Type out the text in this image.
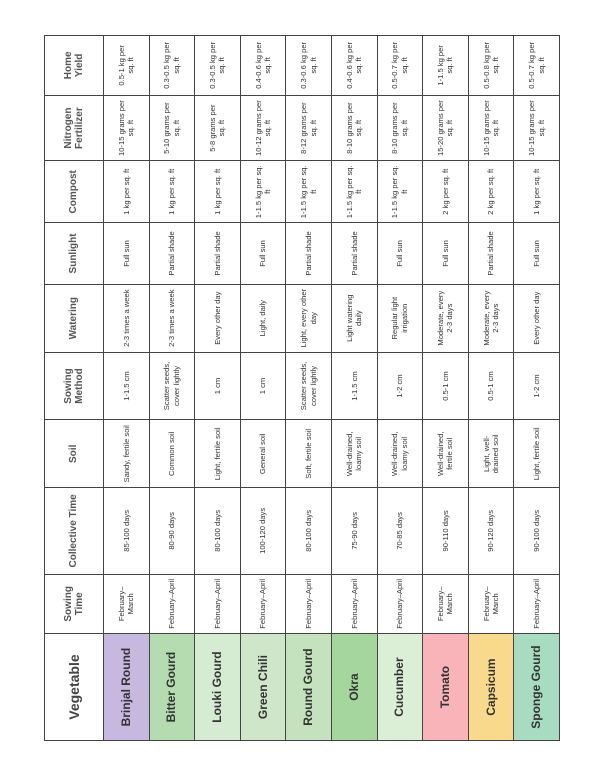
Vegetable	Sowing Time	Collective Time	Soil	Sowing Method	Watering	Sunlight	Compost	Nitrogen Fertilizer	Home Yield
Brinjal Round	February–March	85-100 days	Sandy, fertile soil	1-1.5 cm	2-3 times a week	Full sun	1 kg per sq. ft	10-15 grams per sq. ft	0.5-1 kg per sq. ft
Bitter Gourd	February–April	80-90 days	Common soil	Scatter seeds, cover lightly	2-3 times a week	Partial shade	1 kg per sq. ft	5-10 grams per sq. ft	0.3-0.5 kg per sq. ft
Louki Gourd	February–April	80-100 days	Light, fertile soil	1 cm	Every other day	Partial shade	1 kg per sq. ft	5-8 grams per sq. ft	0.3-0.5 kg per sq. ft
Green Chili	February–April	100-120 days	General soil	1 cm	Light, daily	Full sun	1-1.5 kg per sq. ft	10-12 grams per sq. ft	0.4-0.6 kg per sq. ft
Round Gourd	February–April	80-100 days	Soft, fertile soil	Scatter seeds, cover lightly	Light, every other day	Partial shade	1-1.5 kg per sq. ft	8-12 grams per sq. ft	0.3-0.6 kg per sq. ft
Okra	February–April	75-90 days	Well-drained, loamy soil	1-1.5 cm	Light watering daily	Partial shade	1-1.5 kg per sq. ft	8-10 grams per sq. ft	0.4-0.6 kg per sq. ft
Cucumber	February–April	70-85 days	Well-drained, loamy soil	1-2 cm	Regular light irrigation	Full sun	1-1.5 kg per sq. ft	8-10 grams per sq. ft	0.5-0.7 kg per sq. ft
Tomato	February–March	90-110 days	Well-drained, fertile soil	0.5-1 cm	Moderate, every 2-3 days	Full sun	2 kg per sq. ft	15-20 grams per sq. ft	1-1.5 kg per sq. ft
Capsicum	February–March	90-120 days	Light, well-drained soil	0.5-1 cm	Moderate, every 2-3 days	Partial shade	2 kg per sq. ft	10-15 grams per sq. ft	0.5-0.8 kg per sq. ft
Sponge Gourd	February–April	90-100 days	Light, fertile soil	1-2 cm	Every other day	Full sun	1 kg per sq. ft	10-15 grams per sq. ft	0.5-0.7 kg per sq. ft
